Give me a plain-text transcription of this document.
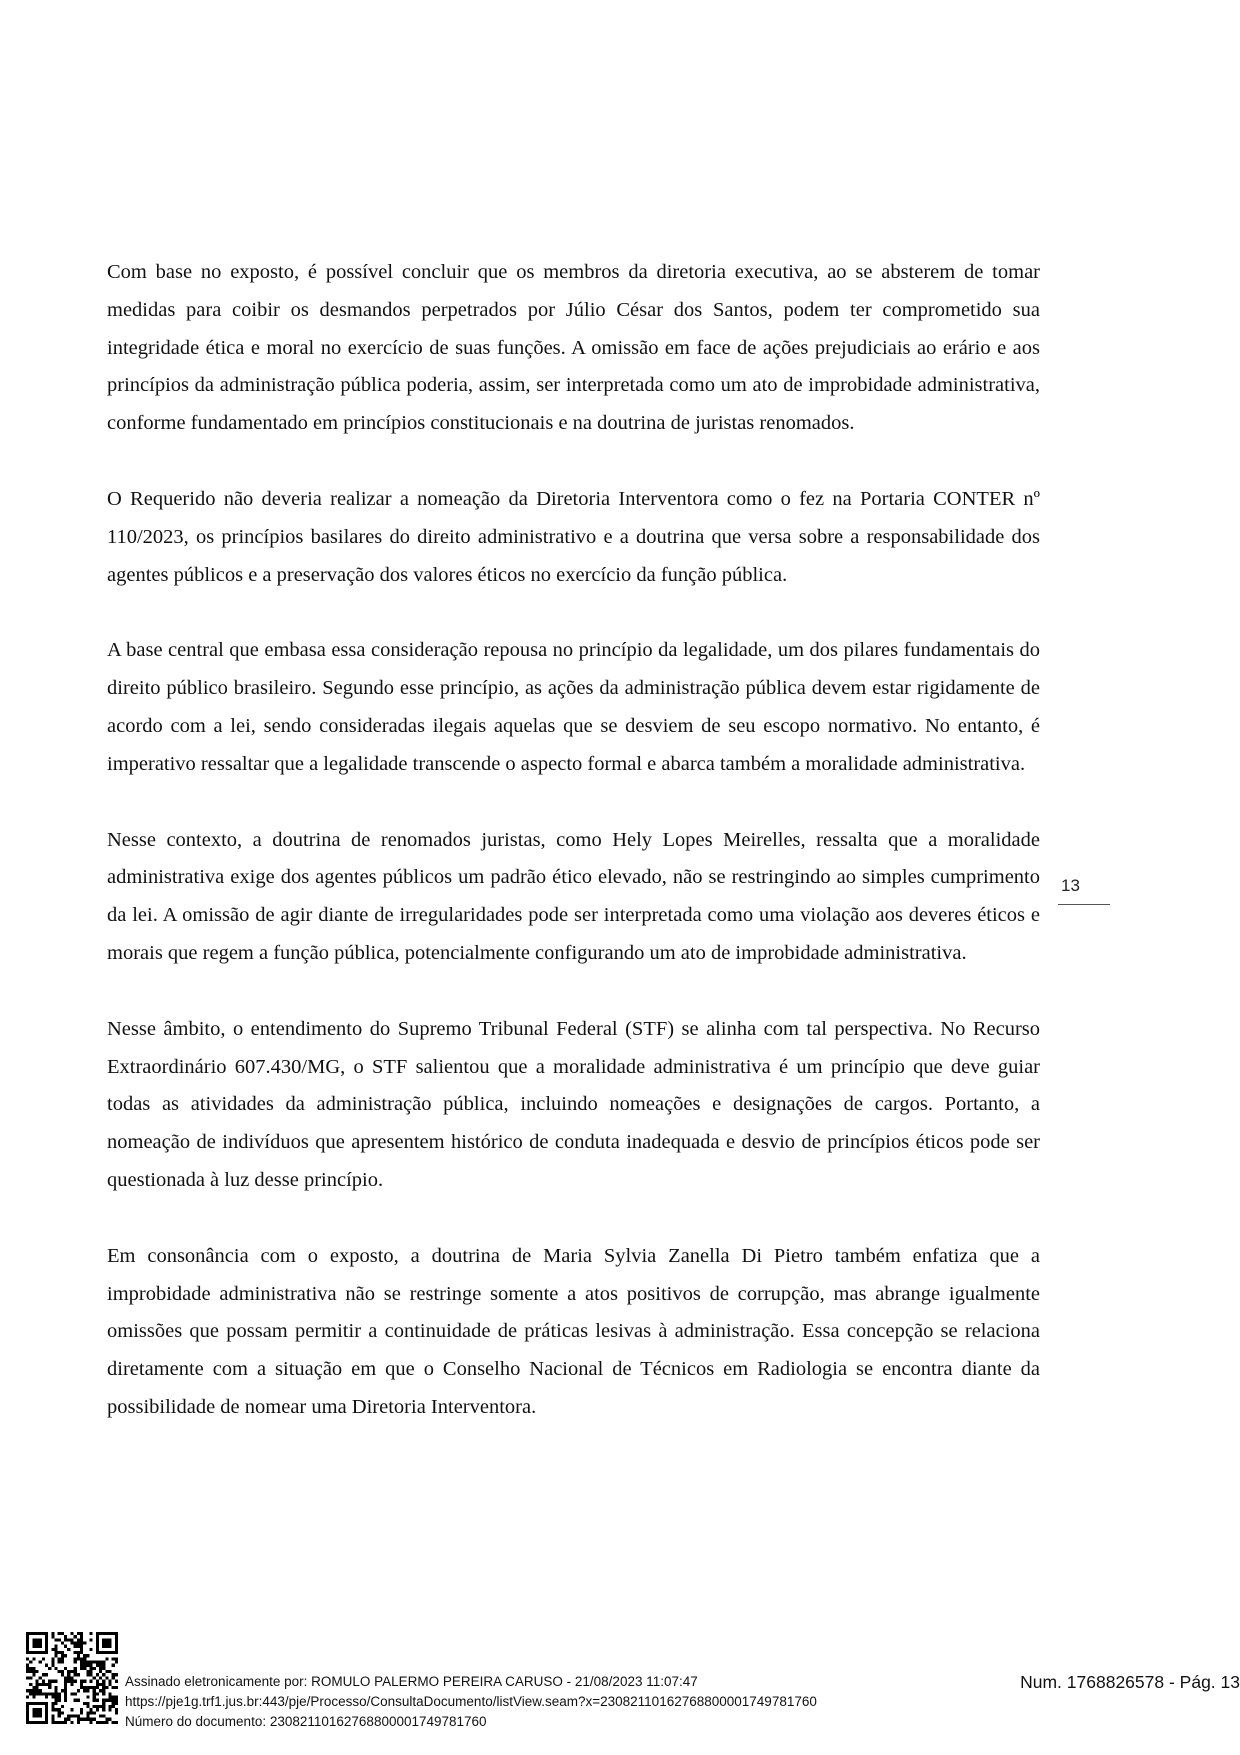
Com base no exposto, é possível concluir que os membros da diretoria executiva, ao se absterem de tomar medidas para coibir os desmandos perpetrados por Júlio César dos Santos, podem ter comprometido sua integridade ética e moral no exercício de suas funções. A omissão em face de ações prejudiciais ao erário e aos princípios da administração pública poderia, assim, ser interpretada como um ato de improbidade administrativa, conforme fundamentado em princípios constitucionais e na doutrina de juristas renomados.

O Requerido não deveria realizar a nomeação da Diretoria Interventora como o fez na Portaria CONTER nº 110/2023, os princípios basilares do direito administrativo e a doutrina que versa sobre a responsabilidade dos agentes públicos e a preservação dos valores éticos no exercício da função pública.

A base central que embasa essa consideração repousa no princípio da legalidade, um dos pilares fundamentais do direito público brasileiro. Segundo esse princípio, as ações da administração pública devem estar rigidamente de acordo com a lei, sendo consideradas ilegais aquelas que se desviem de seu escopo normativo. No entanto, é imperativo ressaltar que a legalidade transcende o aspecto formal e abarca também a moralidade administrativa.

Nesse contexto, a doutrina de renomados juristas, como Hely Lopes Meirelles, ressalta que a moralidade administrativa exige dos agentes públicos um padrão ético elevado, não se restringindo ao simples cumprimento da lei. A omissão de agir diante de irregularidades pode ser interpretada como uma violação aos deveres éticos e morais que regem a função pública, potencialmente configurando um ato de improbidade administrativa.

Nesse âmbito, o entendimento do Supremo Tribunal Federal (STF) se alinha com tal perspectiva. No Recurso Extraordinário 607.430/MG, o STF salientou que a moralidade administrativa é um princípio que deve guiar todas as atividades da administração pública, incluindo nomeações e designações de cargos. Portanto, a nomeação de indivíduos que apresentem histórico de conduta inadequada e desvio de princípios éticos pode ser questionada à luz desse princípio.

Em consonância com o exposto, a doutrina de Maria Sylvia Zanella Di Pietro também enfatiza que a improbidade administrativa não se restringe somente a atos positivos de corrupção, mas abrange igualmente omissões que possam permitir a continuidade de práticas lesivas à administração. Essa concepção se relaciona diretamente com a situação em que o Conselho Nacional de Técnicos em Radiologia se encontra diante da possibilidade de nomear uma Diretoria Interventora.

13
Assinado eletronicamente por: ROMULO PALERMO PEREIRA CARUSO - 21/08/2023 11:07:47
https://pje1g.trf1.jus.br:443/pje/Processo/ConsultaDocumento/listView.seam?x=23082110162768800001749781760
Número do documento: 23082110162768800001749781760
Num. 1768826578 - Pág. 13
